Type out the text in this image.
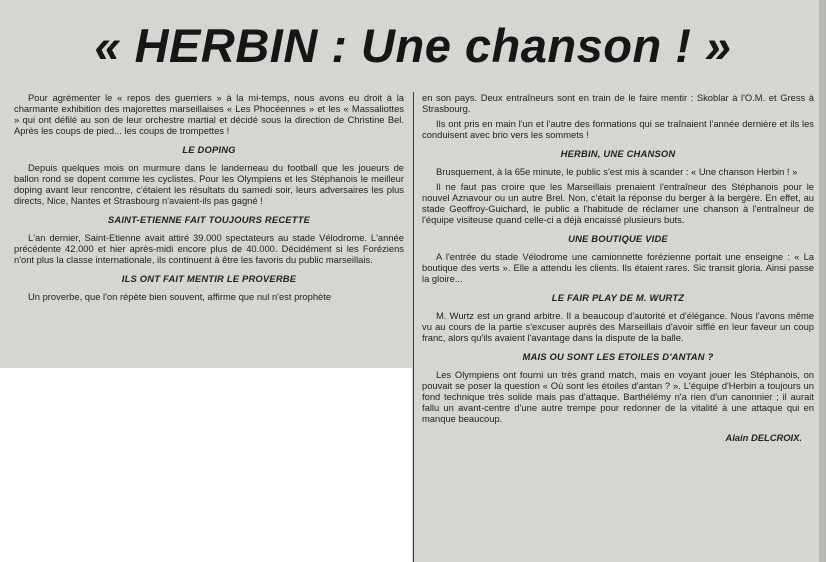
« HERBIN : Une chanson ! »

Pour agrémenter le « repos des guerriers » à la mi-temps, nous avons eu droit à la charmante exhibition des majorettes marseillaises « Les Phocéennes » et les « Massaliottes » qui ont défilé au son de leur orchestre martial et décidé sous la direction de Christine Bel. Après les coups de pied... les coups de trompettes !

LE DOPING

Depuis quelques mois on murmure dans le landerneau du football que les joueurs de ballon rond se dopent comme les cyclistes. Pour les Olympiens et les Stéphanois le meilleur doping avant leur rencontre, c'étaient les résultats du samedi soir, leurs adversaires les plus directs, Nice, Nantes et Strasbourg n'avaient-ils pas gagné !

SAINT-ETIENNE FAIT TOUJOURS RECETTE

L'an dernier, Saint-Etienne avait attiré 39.000 spectateurs au stade Vélodrome. L'année précédente 42.000 et hier après-midi encore plus de 40.000. Décidément si les Foréziens n'ont plus la classe internationale, ils continuent à être les favoris du public marseillais.

ILS ONT FAIT MENTIR LE PROVERBE

Un proverbe, que l'on répète bien souvent, affirme que nul n'est prophète

en son pays. Deux entraîneurs sont en train de le faire mentir : Skoblar à l'O.M. et Gress à Strasbourg.

Ils ont pris en main l'un et l'autre des formations qui se traînaient l'année dernière et ils les conduisent avec brio vers les sommets !

HERBIN, UNE CHANSON

Brusquement, à la 65e minute, le public s'est mis à scander : « Une chanson Herbin ! »

Il ne faut pas croire que les Marseillais prenaient l'entraîneur des Stéphanois pour le nouvel Aznavour ou un autre Brel. Non, c'était la réponse du berger à la bergère. En effet, au stade Geoffroy-Guichard, le public a l'habitude de réclamer une chanson à l'entraîneur de l'équipe visiteuse quand celle-ci a déjà encaissé plusieurs buts.

UNE BOUTIQUE VIDE

A l'entrée du stade Vélodrome une camionnette forézienne portait une enseigne : « La boutique des verts ». Elle a attendu les clients. Ils étaient rares. Sic transit gloria. Ainsi passe la gloire...

LE FAIR PLAY DE M. WURTZ

M. Wurtz est un grand arbitre. Il a beaucoup d'autorité et d'élégance. Nous l'avons même vu au cours de la partie s'excuser auprès des Marseillais d'avoir sifflé en leur faveur un coup franc, alors qu'ils avaient l'avantage dans la dispute de la balle.

MAIS OU SONT LES ETOILES D'ANTAN ?

Les Olympiens ont fourni un très grand match, mais en voyant jouer les Stéphanois, on pouvait se poser la question « Où sont les étoiles d'antan ? ». L'équipe d'Herbin a toujours un fond technique très solide mais pas d'attaque. Barthélémy n'a rien d'un canonnier ; il aurait fallu un avant-centre d'une autre trempe pour redonner de la vitalité à une attaque qui en manque beaucoup.

Alain DELCROIX.
